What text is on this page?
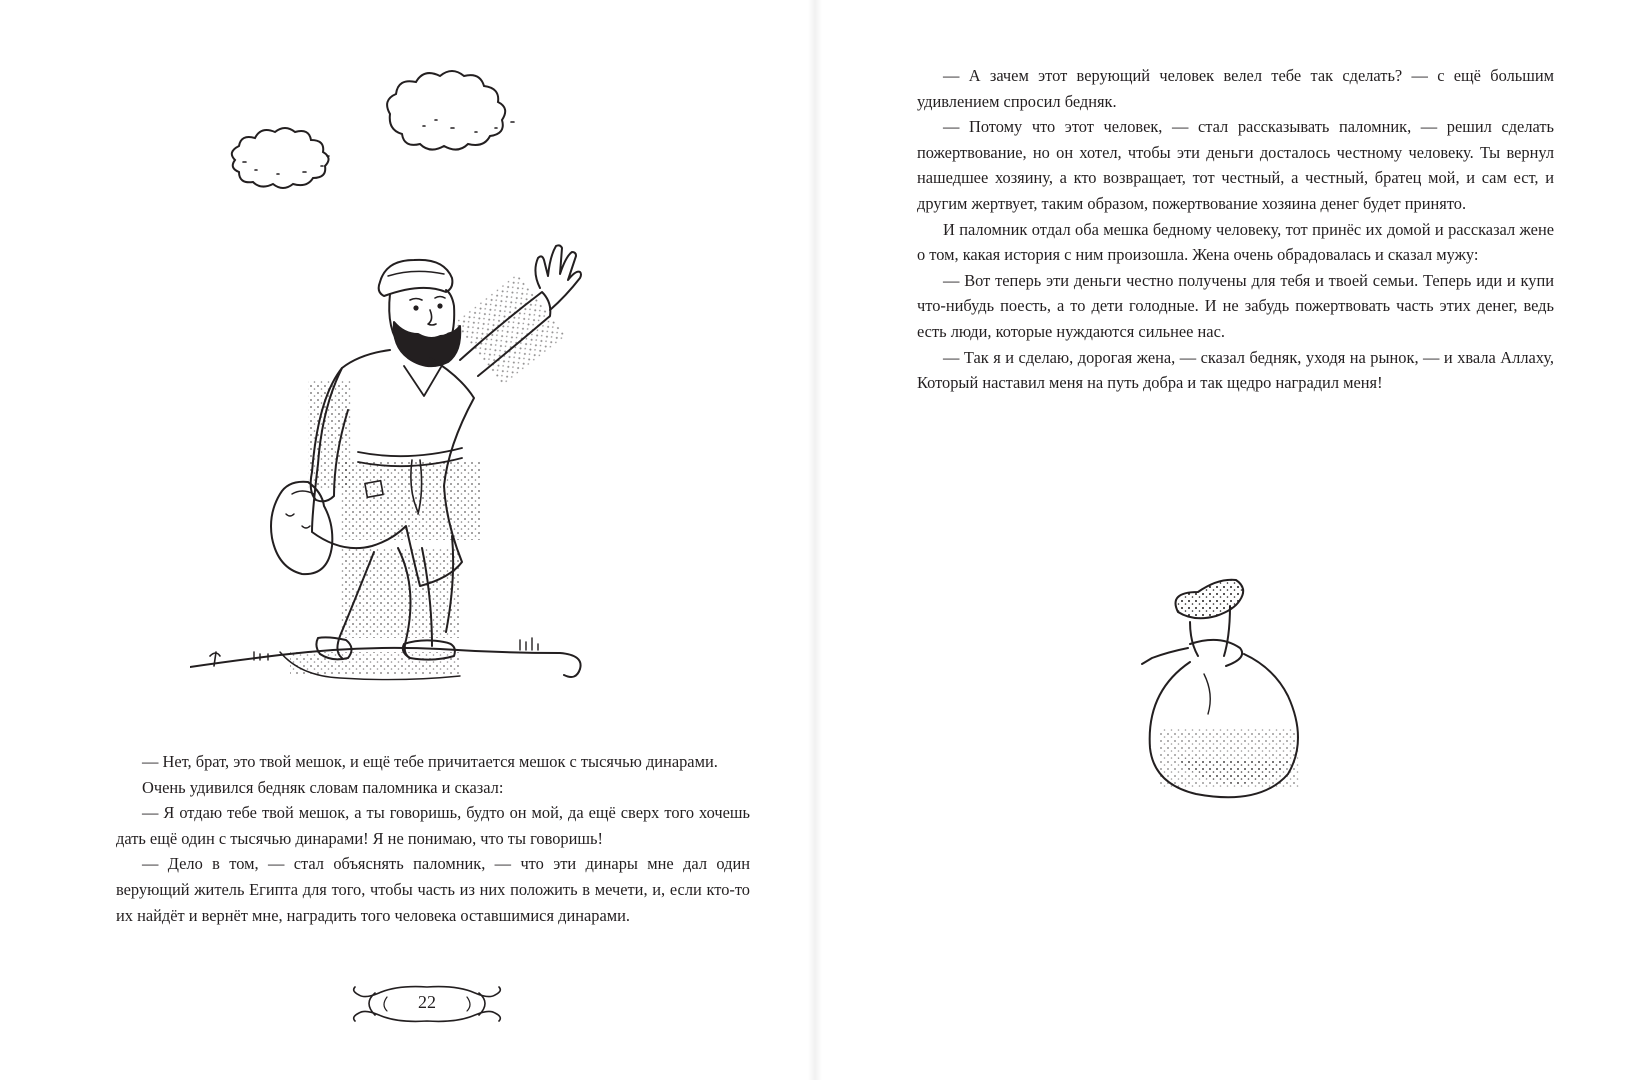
— Нет, брат, это твой мешок, и ещё тебе причитается мешок с тысячью динарами.

Очень удивился бедняк словам паломника и сказал:

— Я отдаю тебе твой мешок, а ты говоришь, будто он мой, да ещё сверх того хочешь дать ещё один с тысячью динарами! Я не понимаю, что ты говоришь!

— Дело в том, — стал объяснять паломник, — что эти динары мне дал один верующий житель Египта для того, чтобы часть из них положить в мечети, и, если кто-то их найдёт и вернёт мне, наградить того человека оставшимися динарами.

— А зачем этот верующий человек велел тебе так сделать? — с ещё большим удивлением спросил бедняк.

— Потому что этот человек, — стал рассказывать паломник, — решил сделать пожертвование, но он хотел, чтобы эти деньги досталось честному человеку. Ты вернул нашедшее хозяину, а кто возвращает, тот честный, а честный, братец мой, и сам ест, и другим жертвует, таким образом, пожертвование хозяина денег будет принято.

И паломник отдал оба мешка бедному человеку, тот принёс их домой и рассказал жене о том, какая история с ним произошла. Жена очень обрадовалась и сказал мужу:

— Вот теперь эти деньги честно получены для тебя и твоей семьи. Теперь иди и купи что-нибудь поесть, а то дети голодные. И не забудь пожертвовать часть этих денег, ведь есть люди, которые нуждаются сильнее нас.

— Так я и сделаю, дорогая жена, — сказал бедняк, уходя на рынок, — и хвала Аллаху, Который наставил меня на путь добра и так щедро наградил меня!

22
